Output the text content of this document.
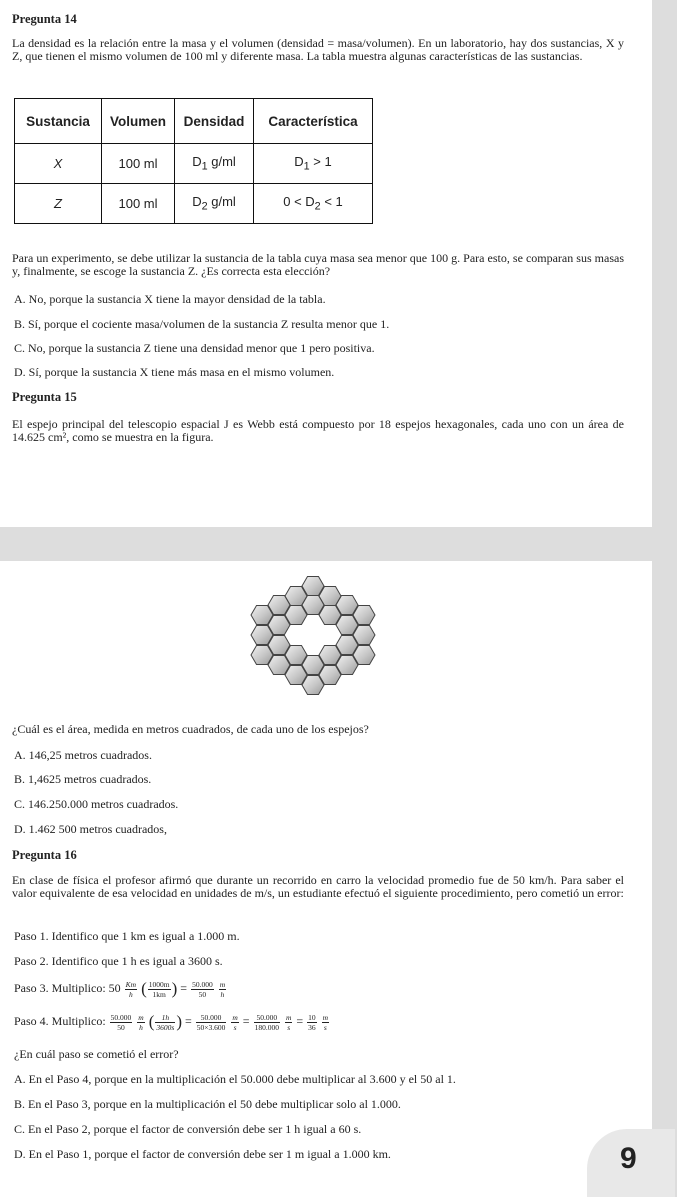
Pregunta 14

La densidad es la relación entre la masa y el volumen (densidad = masa/volumen). En un laboratorio, hay dos sustancias, X y Z, que tienen el mismo volumen de 100 ml y diferente masa. La tabla muestra algunas características de las sustancias.

Sustancia	Volumen	Densidad	Característica
X	100 ml	$D_1$ g/ml	$D_1 > 1$
Z	100 ml	$D_2$ g/ml	$0 < D_2 < 1$

Para un experimento, se debe utilizar la sustancia de la tabla cuya masa sea menor que 100 g. Para esto, se comparan sus masas y, finalmente, se escoge la sustancia Z. ¿Es correcta esta elección?

A. No, porque la sustancia X tiene la mayor densidad de la tabla.

B. Sí, porque el cociente masa/volumen de la sustancia Z resulta menor que 1.

C. No, porque la sustancia Z tiene una densidad menor que 1 pero positiva.

D. Sí, porque la sustancia X tiene más masa en el mismo volumen.

Pregunta 15

El espejo principal del telescopio espacial J es Webb está compuesto por 18 espejos hexagonales, cada uno con un área de 14.625 cm², como se muestra en la figura.

¿Cuál es el área, medida en metros cuadrados, de cada uno de los espejos?

A. 146,25 metros cuadrados.

B. 1,4625 metros cuadrados.

C. 146.250.000 metros cuadrados.

D. 1.462 500 metros cuadrados,

Pregunta 16

En clase de física el profesor afirmó que durante un recorrido en carro la velocidad promedio fue de 50 km/h. Para saber el valor equivalente de esa velocidad en unidades de m/s, un estudiante efectuó el siguiente procedimiento, pero cometió un error:

Paso 1. Identifico que 1 km es igual a 1.000 m.

Paso 2. Identifico que 1 h es igual a 3600 s.

Paso 3. Multiplico: $50 \frac{Km}{h}$ ( $\frac{1000m}{1km}$ ) = $\frac{50.000}{50}$
$\frac{m}{h}$
Paso 4. Multiplico: $\frac{50.000}{50}$
$\frac{m}{h}$ ( $\frac{1h}{3600s}$ ) = $\frac{50.000}{50\times 3.600}$
$\frac{m}{s} = \frac{50.000}{180.000}$
$\frac{m}{s} = \frac{10}{36}$
$\frac{m}{s}$

¿En cuál paso se cometió el error?

A. En el Paso 4, porque en la multiplicación el 50.000 debe multiplicar al 3.600 y el 50 al 1.

B. En el Paso 3, porque en la multiplicación el 50 debe multiplicar solo al 1.000.

C. En el Paso 2, porque el factor de conversión debe ser 1 h igual a 60 s.

D. En el Paso 1, porque el factor de conversión debe ser 1 m igual a 1.000 km.	9
